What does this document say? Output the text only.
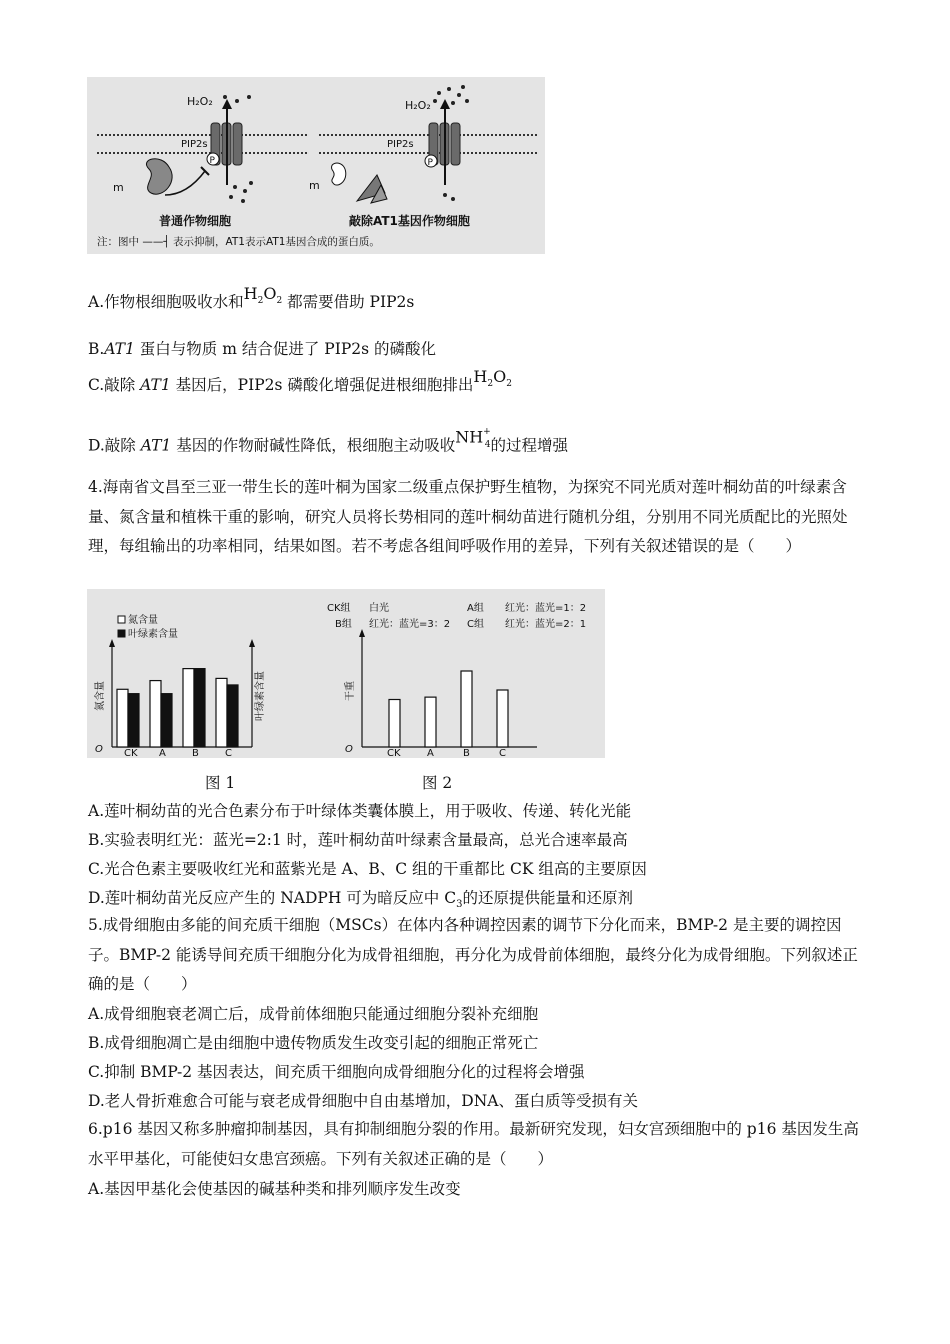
H₂O₂
PIP2s
P
m
普通作物细胞
H₂O₂
PIP2s
P
m
敲除AT1基因作物细胞
注：图中 ——┤ 表示抑制，AT1表示AT1基因合成的蛋白质。
A.作物根细胞吸收水和$H_2O_2$ 都需要借助 PIP2s
B.AT1 蛋白与物质 m 结合促进了 PIP2s 的磷酸化
C.敲除 AT1 基因后，PIP2s 磷酸化增强促进根细胞排出$H_2O_2$
D.敲除 AT1 基因的作物耐碱性降低，根细胞主动吸收$NH^+_4$的过程增强
4.海南省文昌至三亚一带生长的莲叶桐为国家二级重点保护野生植物，为探究不同光质对莲叶桐幼苗的叶绿素含量、氮含量和植株干重的影响，研究人员将长势相同的莲叶桐幼苗进行随机分组，分别用不同光质配比的光照处理，每组输出的功率相同，结果如图。若不考虑各组间呼吸作用的差异，下列有关叙述错误的是（　　）
O
氮含量	叶绿素含量
氮含量
叶绿素含量
CK A	B	C	O
干重
CK组 白光
B组 红光：蓝光=3：2
A组 红光：蓝光=1：2
C组 红光：蓝光=2：1
CK	A	B	C
图 1	图 2
A.莲叶桐幼苗的光合色素分布于叶绿体类囊体膜上，用于吸收、传递、转化光能
B.实验表明红光：蓝光=2:1 时，莲叶桐幼苗叶绿素含量最高，总光合速率最高
C.光合色素主要吸收红光和蓝紫光是 A、B、C 组的干重都比 CK 组高的主要原因
D.莲叶桐幼苗光反应产生的 NADPH 可为暗反应中 $C_3$的还原提供能量和还原剂
5.成骨细胞由多能的间充质干细胞（MSCs）在体内各种调控因素的调节下分化而来，BMP-2 是主要的调控因子。BMP-2 能诱导间充质干细胞分化为成骨祖细胞，再分化为成骨前体细胞，最终分化为成骨细胞。下列叙述正确的是（　　）
A.成骨细胞衰老凋亡后，成骨前体细胞只能通过细胞分裂补充细胞
B.成骨细胞凋亡是由细胞中遗传物质发生改变引起的细胞正常死亡
C.抑制 BMP-2 基因表达，间充质干细胞向成骨细胞分化的过程将会增强
D.老人骨折难愈合可能与衰老成骨细胞中自由基增加，DNA、蛋白质等受损有关
6.p16 基因又称多肿瘤抑制基因，具有抑制细胞分裂的作用。最新研究发现，妇女宫颈细胞中的 p16 基因发生高水平甲基化，可能使妇女患宫颈癌。下列有关叙述正确的是（　　）
A.基因甲基化会使基因的碱基种类和排列顺序发生改变
